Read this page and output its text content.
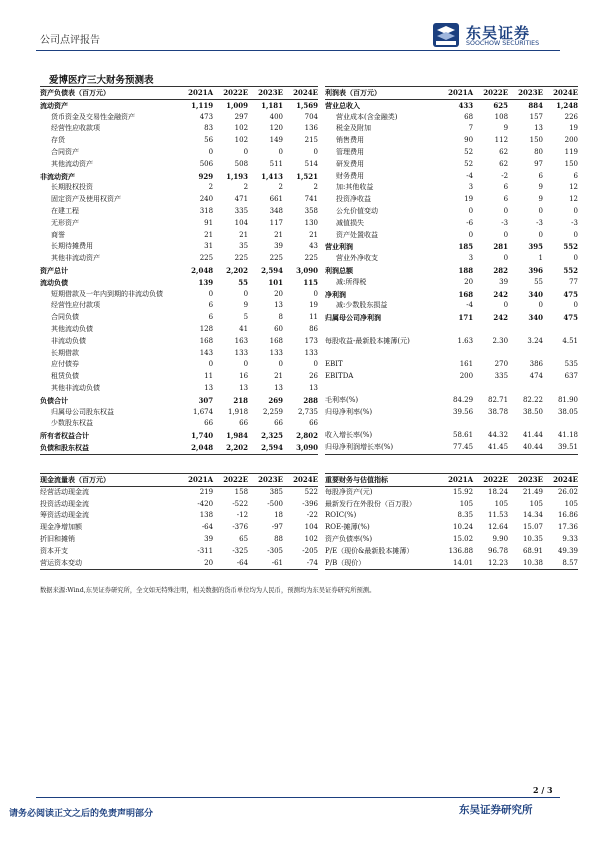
公司点评报告	东吴证券
SOOCHOW SECURITIES
爱博医疗三大财务预测表
资产负债表（百万元）	2021A	2022E	2023E	2024E
流动资产	1,119	1,009	1,181	1,569
货币资金及交易性金融资产	473	297	400	704
经营性应收款项	83	102	120	136
存货	56	102	149	215
合同资产	0	0	0	0
其他流动资产	506	508	511	514
非流动资产	929	1,193	1,413	1,521
长期股权投资	2	2	2	2
固定资产及使用权资产	240	471	661	741
在建工程	318	335	348	358
无形资产	91	104	117	130
商誉	21	21	21	21
长期待摊费用	31	35	39	43
其他非流动资产	225	225	225	225
资产总计	2,048	2,202	2,594	3,090
流动负债	139	55	101	115
短期借款及一年内到期的非流动负债	0	0	20	0
经营性应付款项	6	9	13	19
合同负债	6	5	8	11
其他流动负债	128	41	60	86
非流动负债	168	163	168	173
长期借款	143	133	133	133
应付债券	0	0	0	0
租赁负债	11	16	21	26
其他非流动负债	13	13	13	13
负债合计	307	218	269	288
归属母公司股东权益	1,674	1,918	2,259	2,735
少数股东权益	66	66	66	66
所有者权益合计	1,740	1,984	2,325	2,802
负债和股东权益	2,048	2,202	2,594	3,090
利润表（百万元）	2021A	2022E	2023E	2024E
营业总收入	433	625	884	1,248
营业成本(含金融类)	68	108	157	226
税金及附加	7	9	13	19
销售费用	90	112	150	200
管理费用	52	62	80	119
研发费用	52	62	97	150
财务费用	-4	-2	6	6
加:其他收益	3	6	9	12
投资净收益	19	6	9	12
公允价值变动	0	0	0	0
减值损失	-6	-3	-3	-3
资产处置收益	0	0	0	0
营业利润	185	281	395	552
营业外净收支	3	0	1	0
利润总额	188	282	396	552
减:所得税	20	39	55	77
净利润	168	242	340	475
减:少数股东损益	-4	0	0	0
归属母公司净利润	171	242	340	475

每股收益-最新股本摊薄(元)	1.63	2.30	3.24	4.51

EBIT	161	270	386	535
EBITDA	200	335	474	637

毛利率(%)	84.29	82.71	82.22	81.90
归母净利率(%)	39.56	38.78	38.50	38.05

收入增长率(%)	58.61	44.32	41.44	41.18
归母净利润增长率(%)	77.45	41.45	40.44	39.51
现金流量表（百万元）	2021A	2022E	2023E	2024E
经营活动现金流	219	158	385	522
投资活动现金流	-420	-522	-500	-396
筹资活动现金流	138	-12	18	-22
现金净增加额	-64	-376	-97	104
折旧和摊销	39	65	88	102
资本开支	-311	-325	-305	-205
营运资本变动	20	-64	-61	-74
重要财务与估值指标	2021A	2022E	2023E	2024E
每股净资产(元)	15.92	18.24	21.49	26.02
最新发行在外股份（百万股）	105	105	105	105
ROIC(%)	8.35	11.53	14.34	16.86
ROE-摊薄(%)	10.24	12.64	15.07	17.36
资产负债率(%)	15.02	9.90	10.35	9.33
P/E（现价&最新股本摊薄）	136.88	96.78	68.91	49.39
P/B（现价）	14.01	12.23	10.38	8.57
数据来源:Wind,东吴证券研究所，全文如无特殊注明，相关数据的货币单位均为人民币，预测均为东吴证券研究所预测。
2 / 3
请务必阅读正文之后的免责声明部分	东吴证券研究所
